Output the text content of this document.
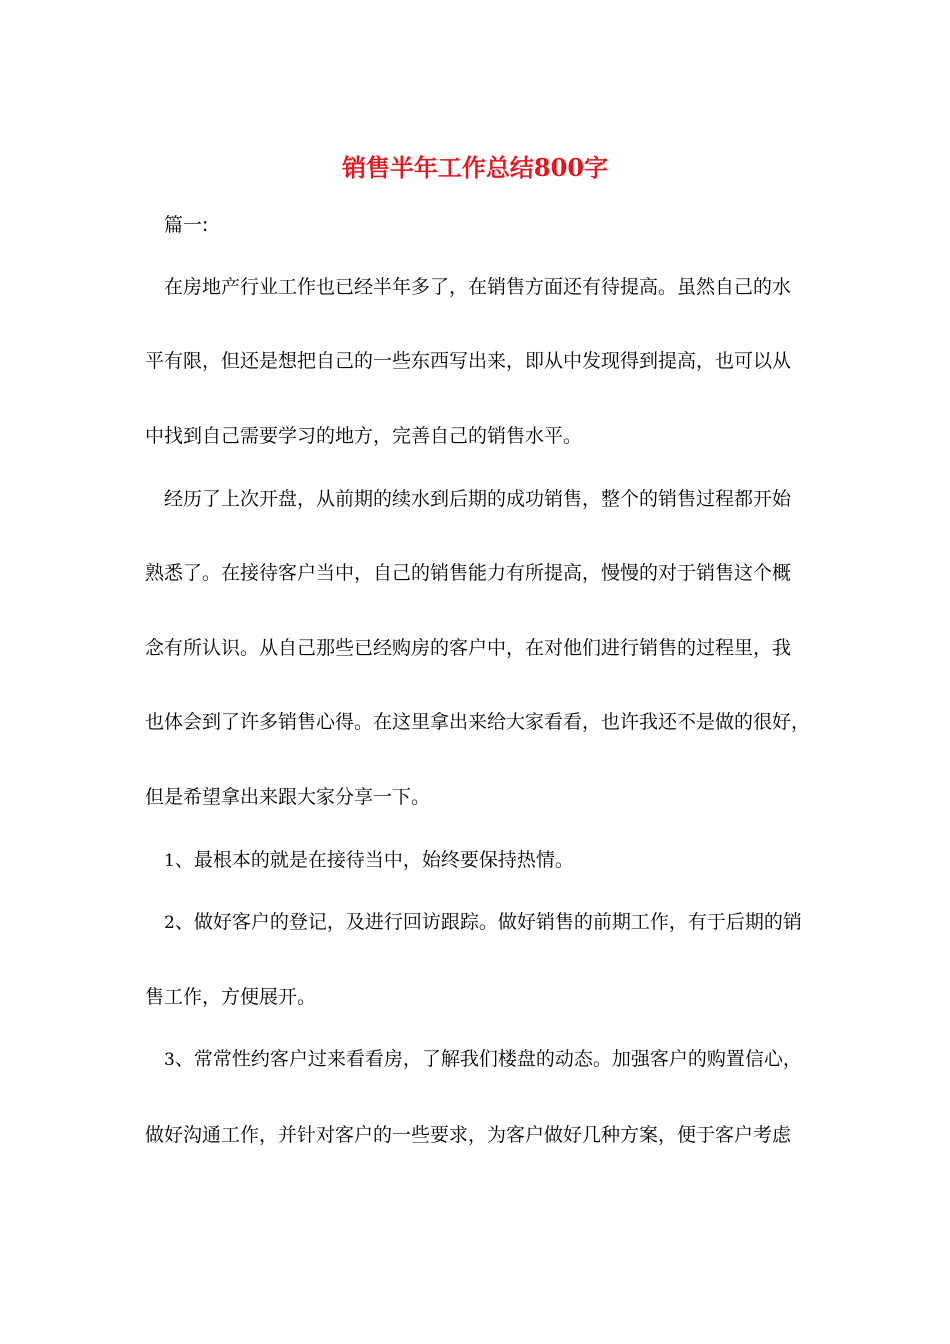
销售半年工作总结800字

篇一:

在房地产行业工作也已经半年多了，在销售方面还有待提高。虽然自己的水

平有限，但还是想把自己的一些东西写出来，即从中发现得到提高，也可以从

中找到自己需要学习的地方，完善自己的销售水平。

经历了上次开盘，从前期的续水到后期的成功销售，整个的销售过程都开始

熟悉了。在接待客户当中，自己的销售能力有所提高，慢慢的对于销售这个概

念有所认识。从自己那些已经购房的客户中，在对他们进行销售的过程里，我

也体会到了许多销售心得。在这里拿出来给大家看看，也许我还不是做的很好，

但是希望拿出来跟大家分享一下。

1、最根本的就是在接待当中，始终要保持热情。

2、做好客户的登记，及进行回访跟踪。做好销售的前期工作，有于后期的销

售工作，方便展开。

3、常常性约客户过来看看房，了解我们楼盘的动态。加强客户的购置信心，

做好沟通工作，并针对客户的一些要求，为客户做好几种方案，便于客户考虑
